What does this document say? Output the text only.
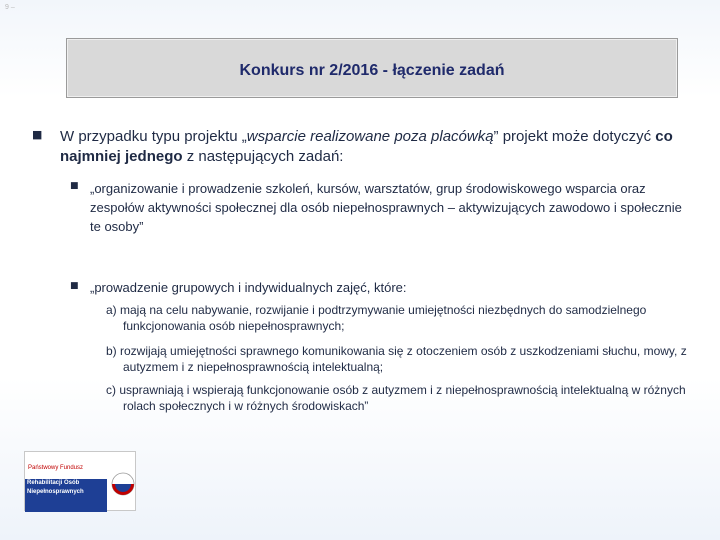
9 ‒
Konkurs nr 2/2016 - łączenie zadań
■ W przypadku typu projektu „wsparcie realizowane poza placówką” projekt może dotyczyć co najmniej jednego z następujących zadań:
■ „organizowanie i prowadzenie szkoleń, kursów, warsztatów, grup środowiskowego wsparcia oraz zespołów aktywności społecznej dla osób niepełnosprawnych – aktywizujących zawodowo i społecznie te osoby”
■ „prowadzenie grupowych i indywidualnych zajęć, które:
a) mają na celu nabywanie, rozwijanie i podtrzymywanie umiejętności niezbędnych do samodzielnego funkcjonowania osób niepełnosprawnych;
b) rozwijają umiejętności sprawnego komunikowania się z otoczeniem osób z uszkodzeniami słuchu, mowy, z autyzmem i z niepełnosprawnością intelektualną;
c) usprawniają i wspierają funkcjonowanie osób z autyzmem i z niepełnosprawnością intelektualną w różnych rolach społecznych i w różnych środowiskach”
Państwowy Fundusz
Rehabilitacji Osób
Niepełnosprawnych
